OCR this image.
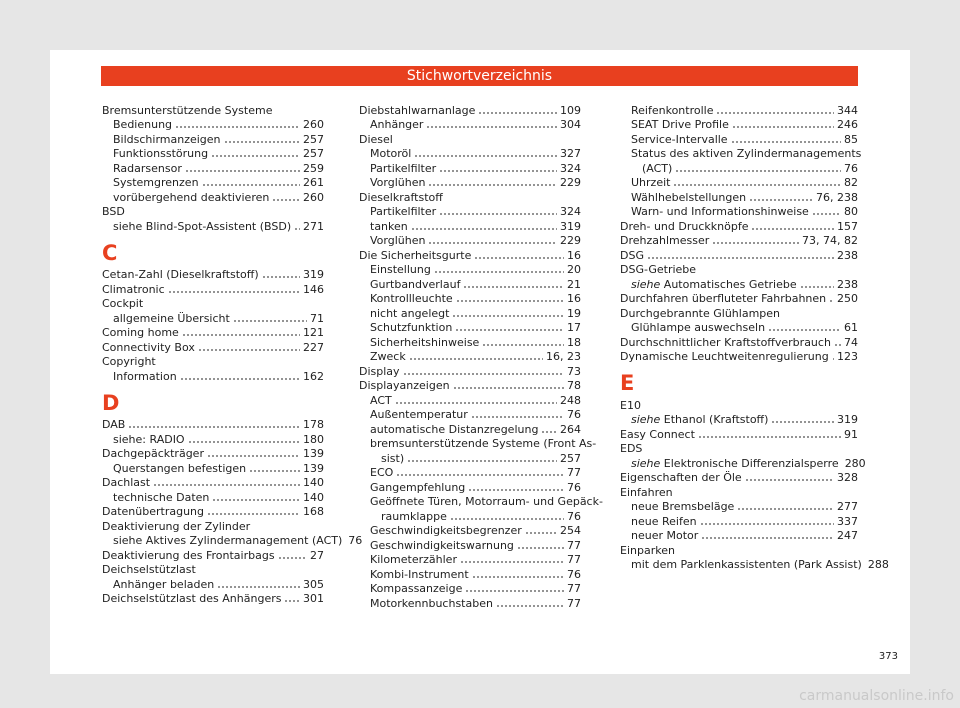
Stichwortverzeichnis
Bremsunterstützende Systeme
Bedienung	260
Bildschirmanzeigen	257
Funktionsstörung	257
Radarsensor	259
Systemgrenzen	261
vorübergehend deaktivieren	260
BSD
siehe Blind-Spot-Assistent (BSD) 271
C
Cetan-Zahl (Dieselkraftstoff)	319
Climatronic	146
Cockpit
allgemeine Übersicht	71
Coming home	121
Connectivity Box	227
Copyright
Information	162
D
DAB	178
siehe: RADIO	180
Dachgepäckträger	139
Querstangen befestigen	139
Dachlast	140
technische Daten	140
Datenübertragung	168
Deaktivierung der Zylinder
siehe Aktives Zylindermanagement (ACT) 76
Deaktivierung des Frontairbags	27
Deichselstützlast
Anhänger beladen	305
Deichselstützlast des Anhängers 301
Diebstahlwarnanlage	109
Anhänger	304
Diesel
Motoröl	327
Partikelfilter	324
Vorglühen	229
Dieselkraftstoff
Partikelfilter	324
tanken	319
Vorglühen	229
Die Sicherheitsgurte	16
Einstellung	20
Gurtbandverlauf	21
Kontrollleuchte	16
nicht angelegt	19
Schutzfunktion	17
Sicherheitshinweise	18
Zweck	16, 23
Display	73
Displayanzeigen	78
ACT	248
Außentemperatur	76
automatische Distanzregelung 264
bremsunterstützende Systeme (Front As-
sist)	257
ECO	77
Gangempfehlung	76
Geöffnete Türen, Motorraum- und Gepäck-
raumklappe	76
Geschwindigkeitsbegrenzer	254
Geschwindigkeitswarnung	77
Kilometerzähler	77
Kombi-Instrument	76
Kompassanzeige	77
Motorkennbuchstaben	77
Reifenkontrolle	344
SEAT Drive Profile	246
Service-Intervalle	85
Status des aktiven Zylindermanagements
(ACT)	76
Uhrzeit	82
Wählhebelstellungen	76, 238
Warn- und Informationshinweise	80
Dreh- und Druckknöpfe	157
Drehzahlmesser	73, 74, 82
DSG	238
DSG-Getriebe
siehe Automatisches Getriebe	238
Durchfahren überfluteter Fahrbahnen 250
Durchgebrannte Glühlampen
Glühlampe auswechseln	61
Durchschnittlicher Kraftstoffverbrauch 74
Dynamische Leuchtweitenregulierung 123
E
E10
siehe Ethanol (Kraftstoff)	319
Easy Connect	91
EDS
siehe Elektronische Differenzialsperre 280
Eigenschaften der Öle	328
Einfahren
neue Bremsbeläge	277
neue Reifen	337
neuer Motor	247
Einparken
mit dem Parklenkassistenten (Park Assist) 288
373
carmanualsonline.info
